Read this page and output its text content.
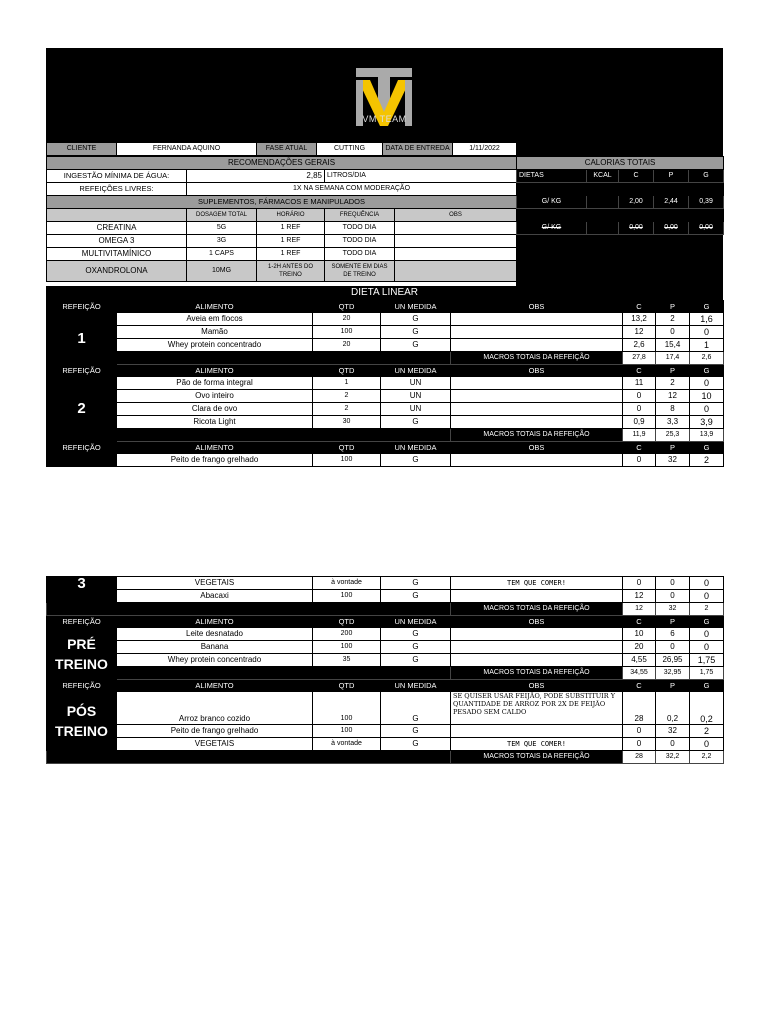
VM TEAM
CLIENTE	FERNANDA AQUINO	FASE ATUAL	CUTTING	DATA DE ENTREDA	1/11/2022
RECOMENDAÇÕES GERAIS				
INGESTÃO MÍNIMA DE ÁGUA:	2,85		LITROS/DIA	
REFEIÇÕES LIVRES:	1X NA SEMANA COM MODERAÇÃO			
SUPLEMENTOS, FÁRMACOS E MANIPULADOS				
	DOSAGEM TOTAL	HORÁRIO	FREQUÊNCIA	OBS
CREATINA	5G	1 REF	TODO DIA	
OMEGA 3	3G	1 REF	TODO DIA	
MULTIVITAMÍNICO	1 CAPS	1 REF	TODO DIA	
OXANDROLONA	10MG	1-2H ANTES DO TREINO	SOMENTE EM DIAS DE TREINO	
CALORIAS TOTAIS				
DIETAS	KCAL	C	P	G
DIETA LINEAR	1210	114	139	22
G/ KG		2,00	2,44	0,39
DIETA 2	0	0	0	0
G/ KG		0,00	0,00	0,00
DIETA LINEAR
REFEIÇÃO	ALIMENTO	QTD	UN MEDIDA	OBS	C	P	G
1	Aveia em flocos	20	G		13,2	2	1,6
	Mamão	100	G		12	0	0
	Whey protein concentrado	20	G		2,6	15,4	1
				MACROS TOTAIS DA REFEIÇÃO	27,8	17,4	2,6
REFEIÇÃO	ALIMENTO	QTD	UN MEDIDA	OBS	C	P	G
2	Pão de forma integral	1	UN		11	2	0
	Ovo inteiro	2	UN		0	12	10
	Clara de ovo	2	UN		0	8	0
	Ricota Light	30	G		0,9	3,3	3,9
				MACROS TOTAIS DA REFEIÇÃO	11,9	25,3	13,9
REFEIÇÃO	ALIMENTO	QTD	UN MEDIDA	OBS	C	P	G
	Peito de frango grelhado	100	G		0	32	2
3	VEGETAIS	à vontade	G	TEM QUE COMER!	0	0	0
	Abacaxi	100	G		12	0	0
				MACROS TOTAIS DA REFEIÇÃO	12	32	2
REFEIÇÃO	ALIMENTO	QTD	UN MEDIDA	OBS	C	P	G
PRÉ
TREINO	Leite desnatado	200	G		10	6	0
	Banana	100	G		20	0	0
	Whey protein concentrado	35	G		4,55	26,95	1,75
				MACROS TOTAIS DA REFEIÇÃO	34,55	32,95	1,75
REFEIÇÃO	ALIMENTO	QTD	UN MEDIDA	OBS	C	P	G
PÓS
TREINO	Arroz branco cozido	100	G	SE QUISER USAR FEIJÃO, PODE SUBSTITUIR Y QUANTIDADE DE ARROZ POR 2X DE FEIJÃO PESADO SEM CALDO	28	0,2	0,2
	Peito de frango grelhado	100	G		0	32	2
	VEGETAIS	à vontade	G	TEM QUE COMER!	0	0	0
				MACROS TOTAIS DA REFEIÇÃO	28	32,2	2,2
